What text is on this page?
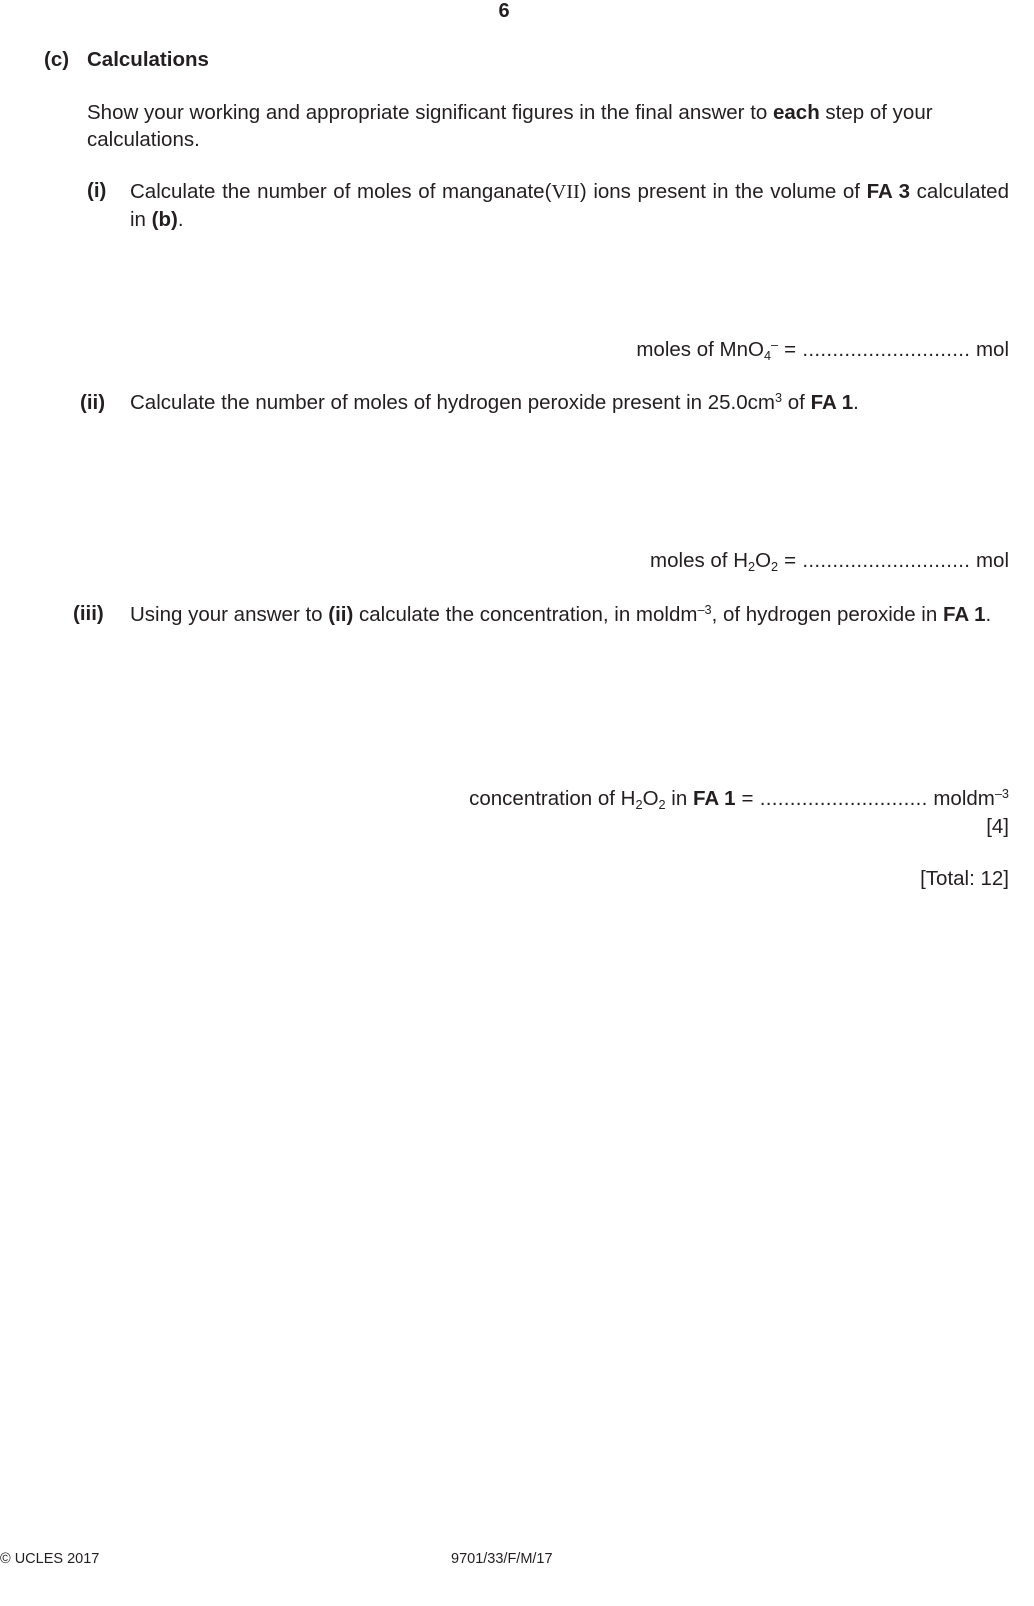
6
(c) Calculations
Show your working and appropriate significant figures in the final answer to each step of your calculations.
(i) Calculate the number of moles of manganate(VII) ions present in the volume of FA 3 calculated in (b).
moles of MnO$_4$– = ............................ mol
(ii) Calculate the number of moles of hydrogen peroxide present in $25.0cm^3$ of FA 1.
moles of $H_2O_2$ = ............................ mol
(iii) Using your answer to (ii) calculate the concentration, in moldm$^{-3}$, of hydrogen peroxide in FA 1.
concentration of $H_2O_2$ in FA 1 = ............................ moldm$^{-3}$
[4]
[Total: 12]
© UCLES 2017	9701/33/F/M/17
